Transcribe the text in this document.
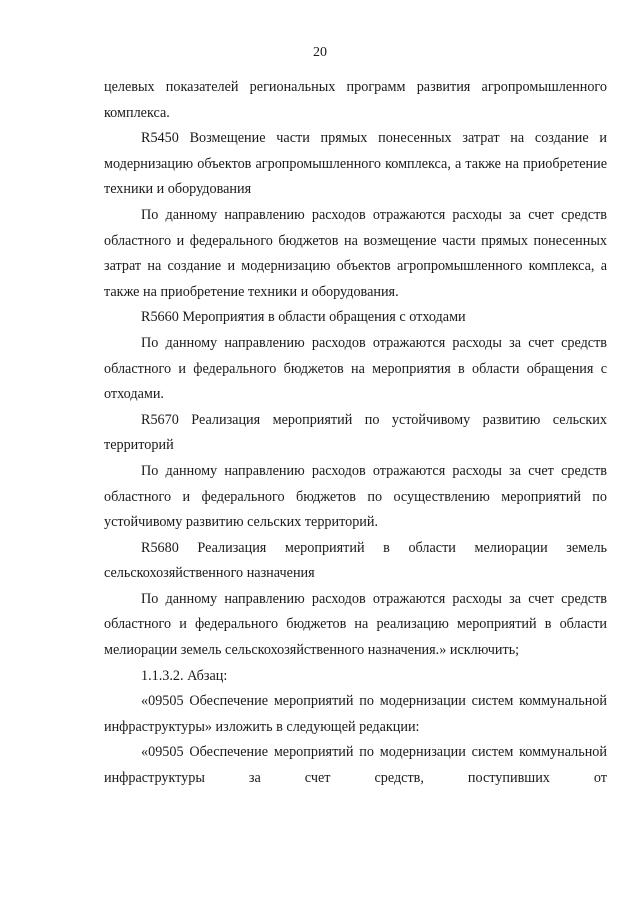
20

целевых показателей региональных программ развития агропромышленного комплекса.

R5450 Возмещение части прямых понесенных затрат на создание и модернизацию объектов агропромышленного комплекса, а также на приобретение техники и оборудования

По данному направлению расходов отражаются расходы за счет средств областного и федерального бюджетов на возмещение части прямых понесенных затрат на создание и модернизацию объектов агропромышленного комплекса, а также на приобретение техники и оборудования.

R5660 Мероприятия в области обращения с отходами

По данному направлению расходов отражаются расходы за счет средств областного и федерального бюджетов на мероприятия в области обращения с отходами.

R5670 Реализация мероприятий по устойчивому развитию сельских территорий

По данному направлению расходов отражаются расходы за счет средств областного и федерального бюджетов по осуществлению мероприятий по устойчивому развитию сельских территорий.

R5680 Реализация мероприятий в области мелиорации земель сельскохозяйственного назначения

По данному направлению расходов отражаются расходы за счет средств областного и федерального бюджетов на реализацию мероприятий в области мелиорации земель сельскохозяйственного назначения.» исключить;

1.1.3.2. Абзац:

«09505 Обеспечение мероприятий по модернизации систем коммунальной инфраструктуры» изложить в следующей редакции:

«09505 Обеспечение мероприятий по модернизации систем коммунальной инфраструктуры за счет средств, поступивших от
